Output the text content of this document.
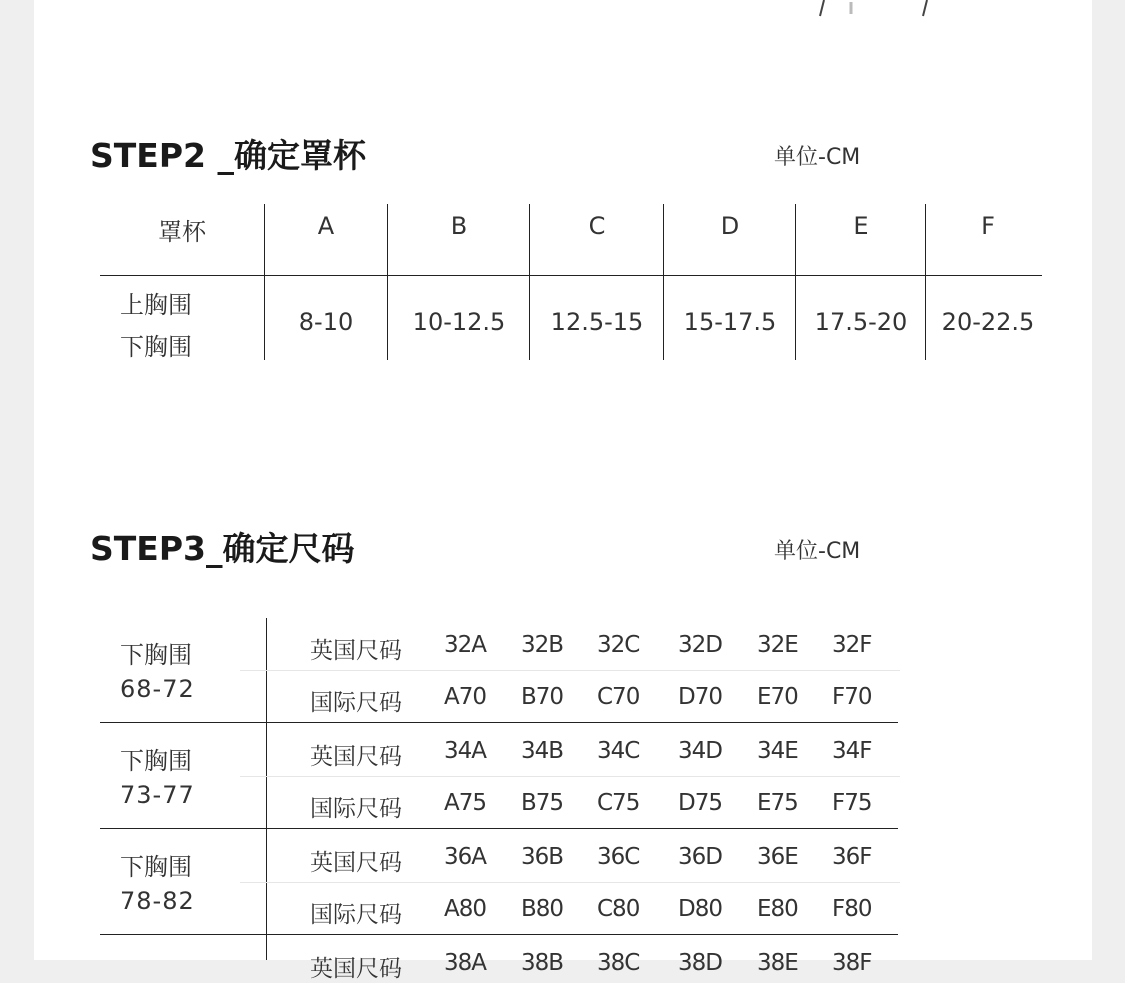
STEP2 _确定罩杯	单位-CM
罩杯	A	B	C	D	E	F
上胸围
下胸围
8-10	10-12.5	12.5-15	15-17.5	17.5-20	20-22.5
STEP3_确定尺码	单位-CM
下胸围
68-72
英国尺码 32A 32B 32C 32D 32E 32F
国际尺码 A70 B70 C70 D70 E70 F70
下胸围
73-77
英国尺码 34A 34B 34C 34D 34E 34F
国际尺码 A75 B75 C75 D75 E75 F75
下胸围
78-82
英国尺码 36A 36B 36C 36D 36E 36F
国际尺码 A80 B80 C80 D80 E80 F80
英国尺码 38A 38B 38C 38D 38E 38F
